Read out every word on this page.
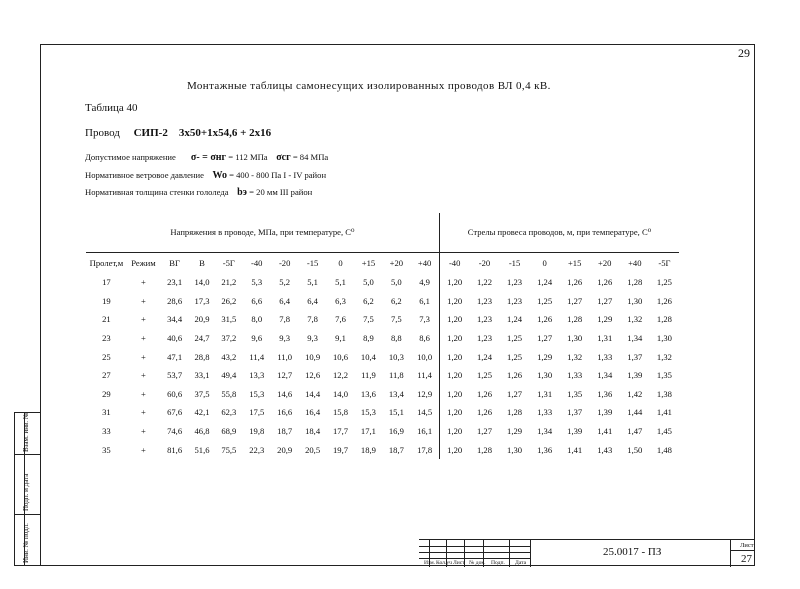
29
Монтажные таблицы самонесущих изолированных проводов ВЛ 0,4 кВ.
Таблица 40
Провод СИП-2 3х50+1х54,6 + 2х16
Допустимое напряжение σ- = σнг = 112 МПа σсг = 84 МПа
Нормативное ветровое давление Wo = 400 - 800 Па I - IV район
Нормативная толщина стенки гололеда bэ = 20 мм III район
Напряжения в проводе, МПа, при температуре, С⁰												Стрелы провеса проводов, м, при температуре, С⁰							
Пролет,м	Режим	ВГ	В	-5Г	-40	-20	-15	0	+15	+20	+40	-40	-20	-15	0	+15	+20	+40	-5Г
17	+	23,1	14,0	21,2	5,3	5,2	5,1	5,1	5,0	5,0	4,9	1,20	1,22	1,23	1,24	1,26	1,26	1,28	1,25
19	+	28,6	17,3	26,2	6,6	6,4	6,4	6,3	6,2	6,2	6,1	1,20	1,23	1,23	1,25	1,27	1,27	1,30	1,26
21	+	34,4	20,9	31,5	8,0	7,8	7,8	7,6	7,5	7,5	7,3	1,20	1,23	1,24	1,26	1,28	1,29	1,32	1,28
23	+	40,6	24,7	37,2	9,6	9,3	9,3	9,1	8,9	8,8	8,6	1,20	1,23	1,25	1,27	1,30	1,31	1,34	1,30
25	+	47,1	28,8	43,2	11,4	11,0	10,9	10,6	10,4	10,3	10,0	1,20	1,24	1,25	1,29	1,32	1,33	1,37	1,32
27	+	53,7	33,1	49,4	13,3	12,7	12,6	12,2	11,9	11,8	11,4	1,20	1,25	1,26	1,30	1,33	1,34	1,39	1,35
29	+	60,6	37,5	55,8	15,3	14,6	14,4	14,0	13,6	13,4	12,9	1,20	1,26	1,27	1,31	1,35	1,36	1,42	1,38
31	+	67,6	42,1	62,3	17,5	16,6	16,4	15,8	15,3	15,1	14,5	1,20	1,26	1,28	1,33	1,37	1,39	1,44	1,41
33	+	74,6	46,8	68,9	19,8	18,7	18,4	17,7	17,1	16,9	16,1	1,20	1,27	1,29	1,34	1,39	1,41	1,47	1,45
35	+	81,6	51,6	75,5	22,3	20,9	20,5	19,7	18,9	18,7	17,8	1,20	1,28	1,30	1,36	1,41	1,43	1,50	1,48
Взам. инв. №
Подп. и дата
Инв. № подл.	Изм. Кол.уч Лист № док. Подп. Дата
25.0017 - ПЗ
Лист
27
